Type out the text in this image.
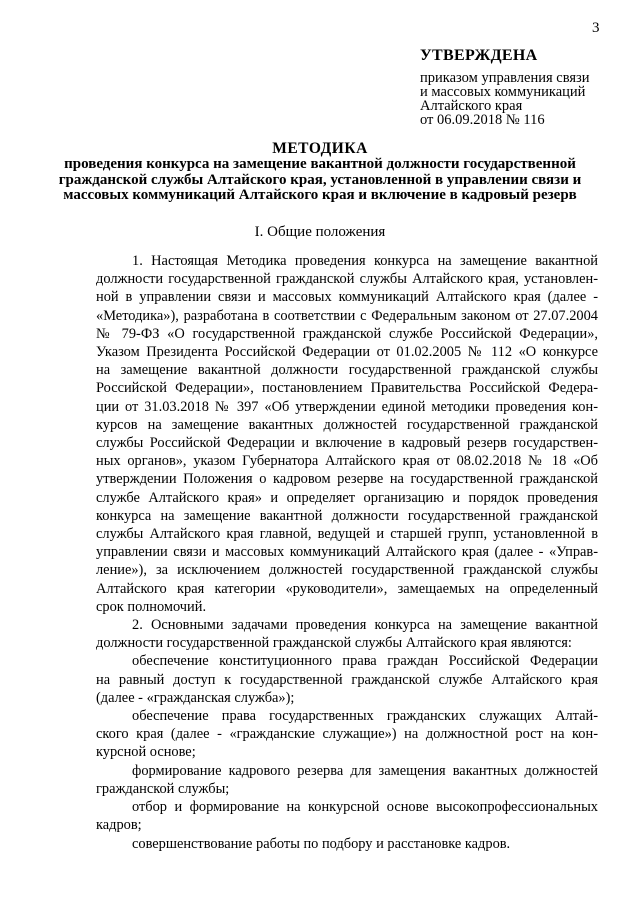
3
УТВЕРЖДЕНА
приказом управления связи
и массовых коммуникаций
Алтайского края
от 06.09.2018 № 116
МЕТОДИКА
проведения конкурса на замещение вакантной должности государственной
гражданской службы Алтайского края, установленной в управлении связи и
массовых коммуникаций Алтайского края и включение в кадровый резерв
I. Общие положения
1. Настоящая Методика проведения конкурса на замещение вакантной
должности государственной гражданской службы Алтайского края, установлен-
ной в управлении связи и массовых коммуникаций Алтайского края (далее -
«Методика»), разработана в соответствии с Федеральным законом от 27.07.2004
№ 79-ФЗ «О государственной гражданской службе Российской Федерации»,
Указом Президента Российской Федерации от 01.02.2005 № 112 «О конкурсе
на замещение вакантной должности государственной гражданской службы
Российской Федерации», постановлением Правительства Российской Федера-
ции от 31.03.2018 № 397 «Об утверждении единой методики проведения кон-
курсов на замещение вакантных должностей государственной гражданской
службы Российской Федерации и включение в кадровый резерв государствен-
ных органов», указом Губернатора Алтайского края от 08.02.2018 № 18 «Об
утверждении Положения о кадровом резерве на государственной гражданской
службе Алтайского края» и определяет организацию и порядок проведения
конкурса на замещение вакантной должности государственной гражданской
службы Алтайского края главной, ведущей и старшей групп, установленной в
управлении связи и массовых коммуникаций Алтайского края (далее - «Управ-
ление»), за исключением должностей государственной гражданской службы
Алтайского края категории «руководители», замещаемых на определенный
срок полномочий.
2. Основными задачами проведения конкурса на замещение вакантной
должности государственной гражданской службы Алтайского края являются:
обеспечение конституционного права граждан Российской Федерации
на равный доступ к государственной гражданской службе Алтайского края
(далее - «гражданская служба»);
обеспечение права государственных гражданских служащих Алтай-
ского края (далее - «гражданские служащие») на должностной рост на кон-
курсной основе;
формирование кадрового резерва для замещения вакантных должностей
гражданской службы;
отбор и формирование на конкурсной основе высокопрофессиональных
кадров;
совершенствование работы по подбору и расстановке кадров.
